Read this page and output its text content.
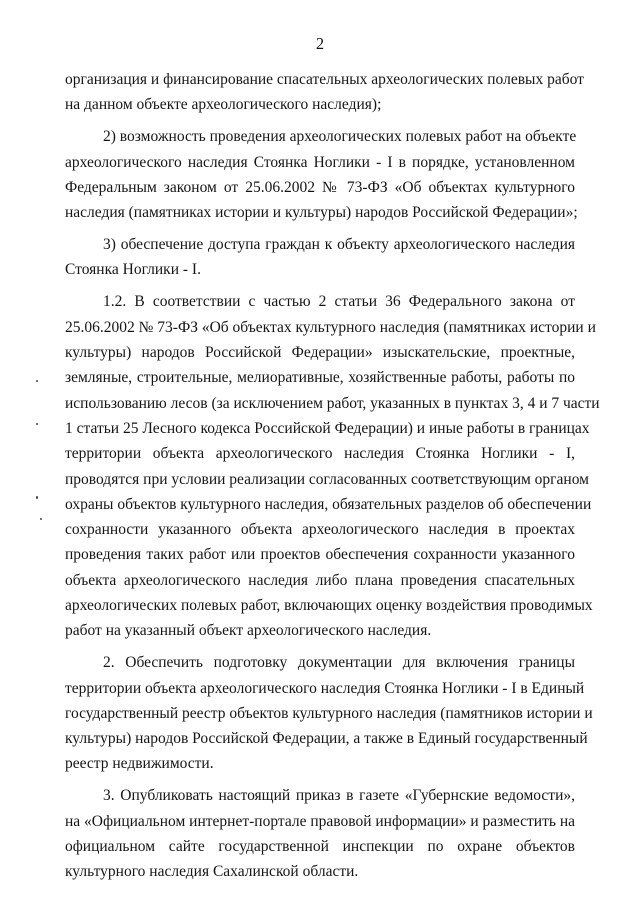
2
организация и финансирование спасательных археологических полевых работ
на данном объекте археологического наследия);
2) возможность проведения археологических полевых работ на объекте
археологического наследия Стоянка Ноглики - I в порядке, установленном
Федеральным законом от 25.06.2002 № 73-ФЗ «Об объектах культурного
наследия (памятниках истории и культуры) народов Российской Федерации»;
3) обеспечение доступа граждан к объекту археологического наследия
Стоянка Ноглики - I.
1.2. В соответствии с частью 2 статьи 36 Федерального закона от
25.06.2002 № 73-ФЗ «Об объектах культурного наследия (памятниках истории и
культуры) народов Российской Федерации» изыскательские, проектные,
земляные, строительные, мелиоративные, хозяйственные работы, работы по
использованию лесов (за исключением работ, указанных в пунктах 3, 4 и 7 части
1 статьи 25 Лесного кодекса Российской Федерации) и иные работы в границах
территории объекта археологического наследия Стоянка Ноглики - I,
проводятся при условии реализации согласованных соответствующим органом
охраны объектов культурного наследия, обязательных разделов об обеспечении
сохранности указанного объекта археологического наследия в проектах
проведения таких работ или проектов обеспечения сохранности указанного
объекта археологического наследия либо плана проведения спасательных
археологических полевых работ, включающих оценку воздействия проводимых
работ на указанный объект археологического наследия.
2. Обеспечить подготовку документации для включения границы
территории объекта археологического наследия Стоянка Ноглики - I в Единый
государственный реестр объектов культурного наследия (памятников истории и
культуры) народов Российской Федерации, а также в Единый государственный
реестр недвижимости.
3. Опубликовать настоящий приказ в газете «Губернские ведомости»,
на «Официальном интернет-портале правовой информации» и разместить на
официальном сайте государственной инспекции по охране объектов
культурного наследия Сахалинской области.
